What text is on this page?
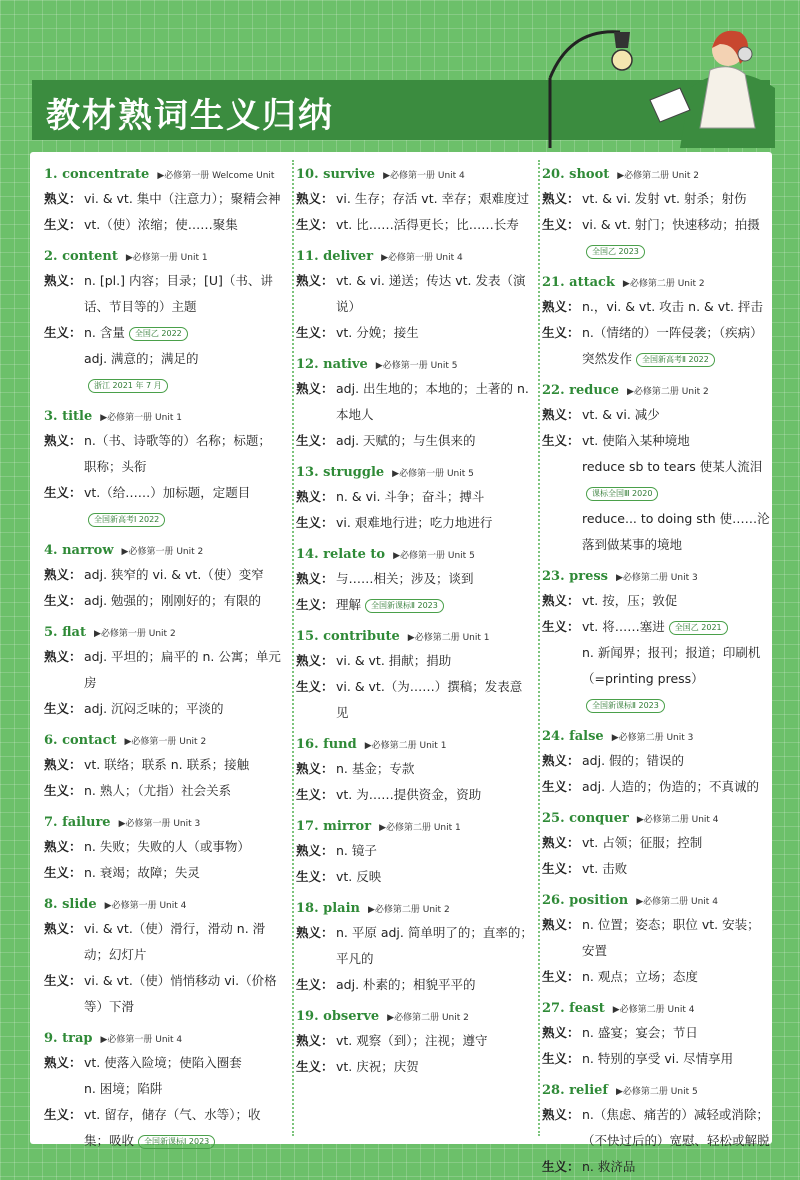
教材熟词生义归纳
1. concentrate ▶必修第一册 Welcome Unit
熟义： vi. & vt. 集中（注意力）；聚精会神
生义： vt.（使）浓缩；使……聚集
2. content ▶必修第一册 Unit 1
熟义： n. [pl.] 内容；目录；[U]（书、讲话、节目等的）主题
生义： n. 含量 全国乙 2022
adj. 满意的；满足的浙江 2021 年 7 月
3. title ▶必修第一册 Unit 1
熟义： n.（书、诗歌等的）名称；标题；职称；头衔
生义： vt.（给……）加标题，定题目全国新高考Ⅰ 2022
4. narrow ▶必修第一册 Unit 2
熟义： adj. 狭窄的 vi. & vt.（使）变窄
生义： adj. 勉强的；刚刚好的；有限的
5. flat ▶必修第一册 Unit 2
熟义： adj. 平坦的；扁平的 n. 公寓；单元房
生义： adj. 沉闷乏味的；平淡的
6. contact ▶必修第一册 Unit 2
熟义： vt. 联络；联系 n. 联系；接触
生义： n. 熟人；（尤指）社会关系
7. failure ▶必修第一册 Unit 3
熟义： n. 失败；失败的人（或事物）
生义： n. 衰竭；故障；失灵
8. slide ▶必修第一册 Unit 4
熟义： vi. & vt.（使）滑行，滑动 n. 滑动；幻灯片
生义： vi. & vt.（使）悄悄移动 vi.（价格等）下滑
9. trap ▶必修第一册 Unit 4
熟义： vt. 使落入险境；使陷入圈套
n. 困境；陷阱
生义： vt. 留存，储存（气、水等）；收集；吸收 全国新课标Ⅰ 2023
10. survive ▶必修第一册 Unit 4
熟义： vi. 生存；存活 vt. 幸存；艰难度过
生义： vt. 比……活得更长；比……长寿
11. deliver ▶必修第一册 Unit 4
熟义： vt. & vi. 递送；传达 vt. 发表（演说）
生义： vt. 分娩；接生
12. native ▶必修第一册 Unit 5
熟义： adj. 出生地的；本地的；土著的 n. 本地人
生义： adj. 天赋的；与生俱来的
13. struggle ▶必修第一册 Unit 5
熟义： n. & vi. 斗争；奋斗；搏斗
生义： vi. 艰难地行进；吃力地进行
14. relate to ▶必修第一册 Unit 5
熟义： 与……相关；涉及；谈到
生义： 理解 全国新课标Ⅱ 2023
15. contribute ▶必修第二册 Unit 1
熟义： vi. & vt. 捐献；捐助
生义： vi. & vt.（为……）撰稿；发表意见
16. fund ▶必修第二册 Unit 1
熟义： n. 基金；专款
生义： vt. 为……提供资金，资助
17. mirror ▶必修第二册 Unit 1
熟义： n. 镜子
生义： vt. 反映
18. plain ▶必修第二册 Unit 2
熟义： n. 平原 adj. 简单明了的；直率的；平凡的
生义： adj. 朴素的；相貌平平的
19. observe ▶必修第二册 Unit 2
熟义： vt. 观察（到）；注视；遵守
生义： vt. 庆祝；庆贺
20. shoot ▶必修第二册 Unit 2
熟义： vt. & vi. 发射 vt. 射杀；射伤
生义： vi. & vt. 射门；快速移动；拍摄全国乙 2023
21. attack ▶必修第二册 Unit 2
熟义： n.，vi. & vt. 攻击 n. & vt. 抨击
生义： n.（情绪的）一阵侵袭；（疾病）突然发作 全国新高考Ⅱ 2022
22. reduce ▶必修第二册 Unit 2
熟义： vt. & vi. 减少
生义： vt. 使陷入某种境地
reduce sb to tears 使某人流泪课标全国Ⅲ 2020
reduce... to doing sth 使……沦落到做某事的境地
23. press ▶必修第二册 Unit 3
熟义： vt. 按，压；敦促
生义： vt. 将……塞进 全国乙 2021
n. 新闻界；报刊；报道；印刷机（=printing press）全国新课标Ⅱ 2023
24. false ▶必修第二册 Unit 3
熟义： adj. 假的；错误的
生义： adj. 人造的；伪造的；不真诚的
25. conquer ▶必修第二册 Unit 4
熟义： vt. 占领；征服；控制
生义： vt. 击败
26. position ▶必修第二册 Unit 4
熟义： n. 位置；姿态；职位 vt. 安装；安置
生义： n. 观点；立场；态度
27. feast ▶必修第二册 Unit 4
熟义： n. 盛宴；宴会；节日
生义： n. 特别的享受 vi. 尽情享用
28. relief ▶必修第二册 Unit 5
熟义： n.（焦虑、痛苦的）减轻或消除；（不快过后的）宽慰、轻松或解脱
生义： n. 救济品
